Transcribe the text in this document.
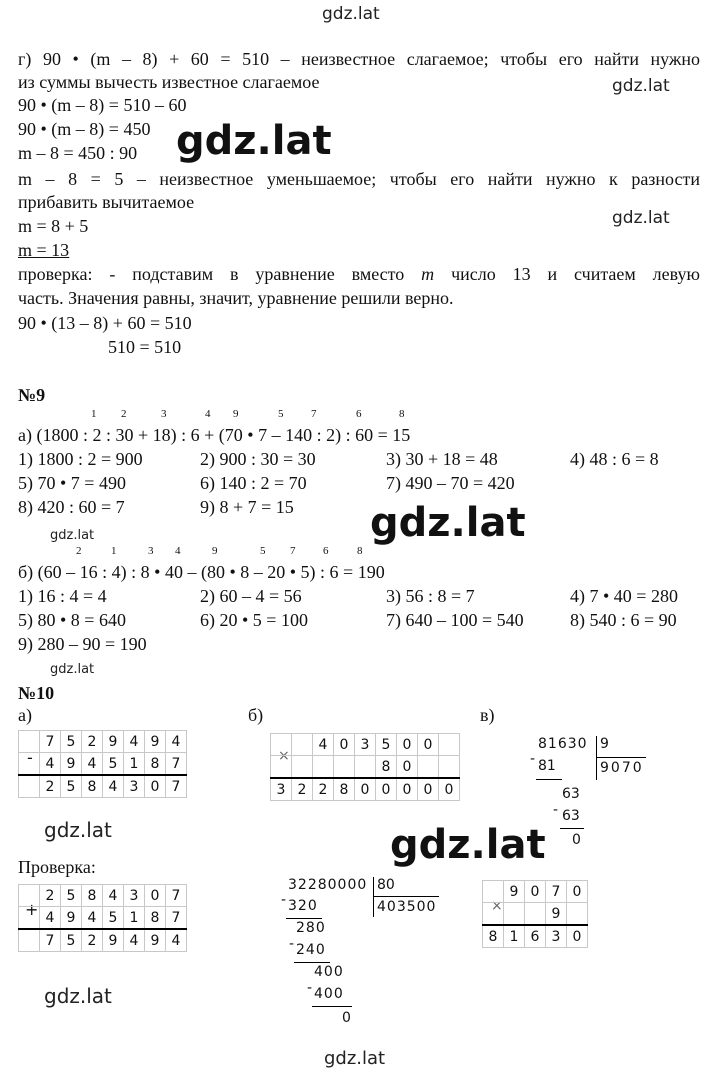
gdz.lat
gdz.lat
gdz.lat
gdz.lat
gdz.lat
gdz.lat
gdz.lat
gdz.lat	gdz.lat
gdz.lat
gdz.lat
г) 90 • (m – 8) + 60 = 510 – неизвестное слагаемое; чтобы его найти нужно
из суммы вычесть известное слагаемое
90 • (m – 8) = 510 – 60
90 • (m – 8) = 450
m – 8 = 450 : 90
m – 8 = 5 – неизвестное уменьшаемое; чтобы его найти нужно к разности
прибавить вычитаемое
m = 8 + 5
m = 13
проверка: - подставим в уравнение вместо m число 13 и считаем левую
часть. Значения равны, значит, уравнение решили верно.
90 • (13 – 8) + 60 = 510
510 = 510
№9
1 2	3	4 9	5	7	6	8
а) (1800 : 2 : 30 + 18) : 6 + (70 • 7 – 140 : 2) : 60 = 15
1) 1800 : 2 = 900	2) 900 : 30 = 30	3) 30 + 18 = 48	4) 48 : 6 = 8
5) 70 • 7 = 490	6) 140 : 2 = 70	7) 490 – 70 = 420
8) 420 : 60 = 7	9) 8 + 7 = 15
2	1	3 4	9	5 7	6	8
б) (60 – 16 : 4) : 8 • 40 – (80 • 8 – 20 • 5) : 6 = 190
1) 16 : 4 = 4	2) 60 – 4 = 56	3) 56 : 8 = 7	4) 7 • 40 = 280
5) 80 • 8 = 640	6) 20 • 5 = 100	7) 640 – 100 = 540	8) 540 : 6 = 90
9) 280 – 90 = 190
№10
а)	б)	в)
-
	7	5	2	9	4	9	4
	4	9	4	5	1	8	7
	2	5	8	4	3	0	7
×
		4	0	3	5	0	0	
					8	0		
3	2	2	8	0	0	0	0	0
81630 9
9070
- 81
63
- 63
0
Проверка:
+
	2	5	8	4	3	0	7
	4	9	4	5	1	8	7
	7	5	2	9	4	9	4
32280000 80
403500
- 320
280
- 240
400
- 400
0
×
	9	0	7	0
			9	
8	1	6	3	0
